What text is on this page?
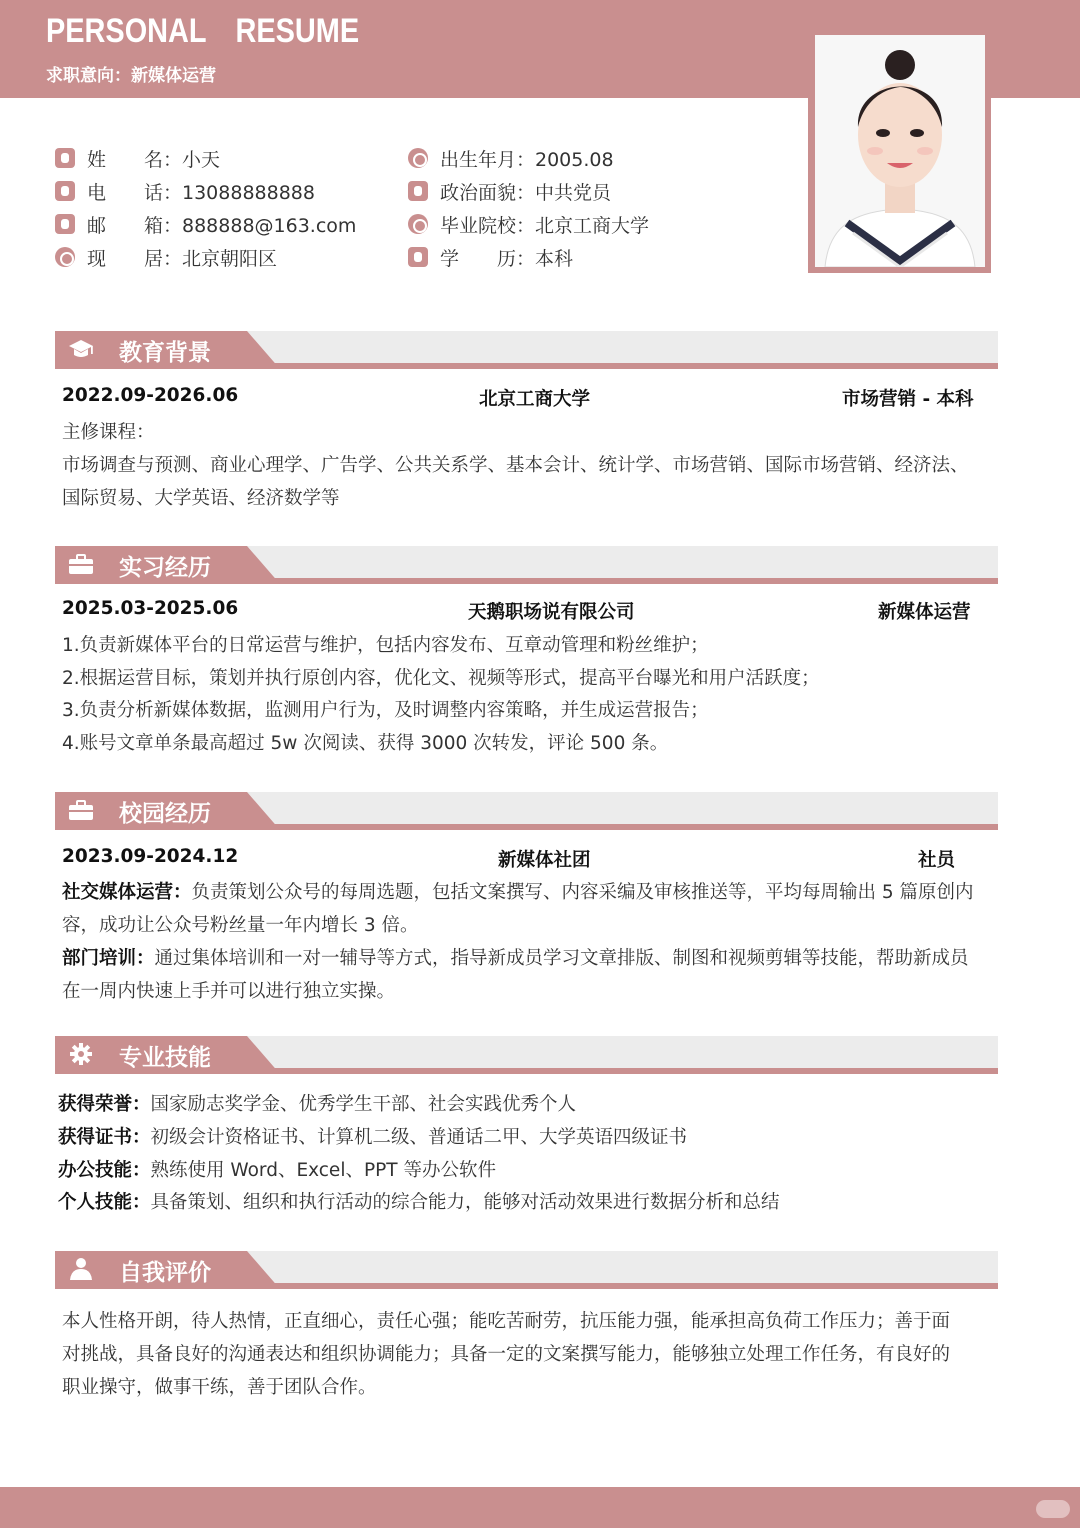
PERSONAL RESUME
求职意向：新媒体运营
姓　　名：小天
电　　话：13088888888
邮　　箱：888888@163.com
现　　居：北京朝阳区
出生年月：2005.08
政治面貌：中共党员
毕业院校：北京工商大学
学　　历：本科
教育背景
2022.09-2026.06	北京工商大学	市场营销 - 本科
主修课程：
市场调查与预测、商业心理学、广告学、公共关系学、基本会计、统计学、市场营销、国际市场营销、经济法、
国际贸易、大学英语、经济数学等
实习经历
2025.03-2025.06	天鹅职场说有限公司	新媒体运营
1.负责新媒体平台的日常运营与维护，包括内容发布、互章动管理和粉丝维护；
2.根据运营目标，策划并执行原创内容，优化文、视频等形式，提高平台曝光和用户活跃度；
3.负责分析新媒体数据，监测用户行为，及时调整内容策略，并生成运营报告；
4.账号文章单条最高超过 5w 次阅读、获得 3000 次转发，评论 500 条。
校园经历
2023.09-2024.12	新媒体社团	社员
社交媒体运营：负责策划公众号的每周选题，包括文案撰写、内容采编及审核推送等，平均每周输出 5 篇原创内
容，成功让公众号粉丝量一年内增长 3 倍。
部门培训：通过集体培训和一对一辅导等方式，指导新成员学习文章排版、制图和视频剪辑等技能，帮助新成员
在一周内快速上手并可以进行独立实操。
专业技能
获得荣誉：国家励志奖学金、优秀学生干部、社会实践优秀个人
获得证书：初级会计资格证书、计算机二级、普通话二甲、大学英语四级证书
办公技能：熟练使用 Word、Excel、PPT 等办公软件
个人技能：具备策划、组织和执行活动的综合能力，能够对活动效果进行数据分析和总结
自我评价
本人性格开朗，待人热情，正直细心，责任心强；能吃苦耐劳，抗压能力强，能承担高负荷工作压力；善于面
对挑战，具备良好的沟通表达和组织协调能力；具备一定的文案撰写能力，能够独立处理工作任务，有良好的
职业操守，做事干练，善于团队合作。
